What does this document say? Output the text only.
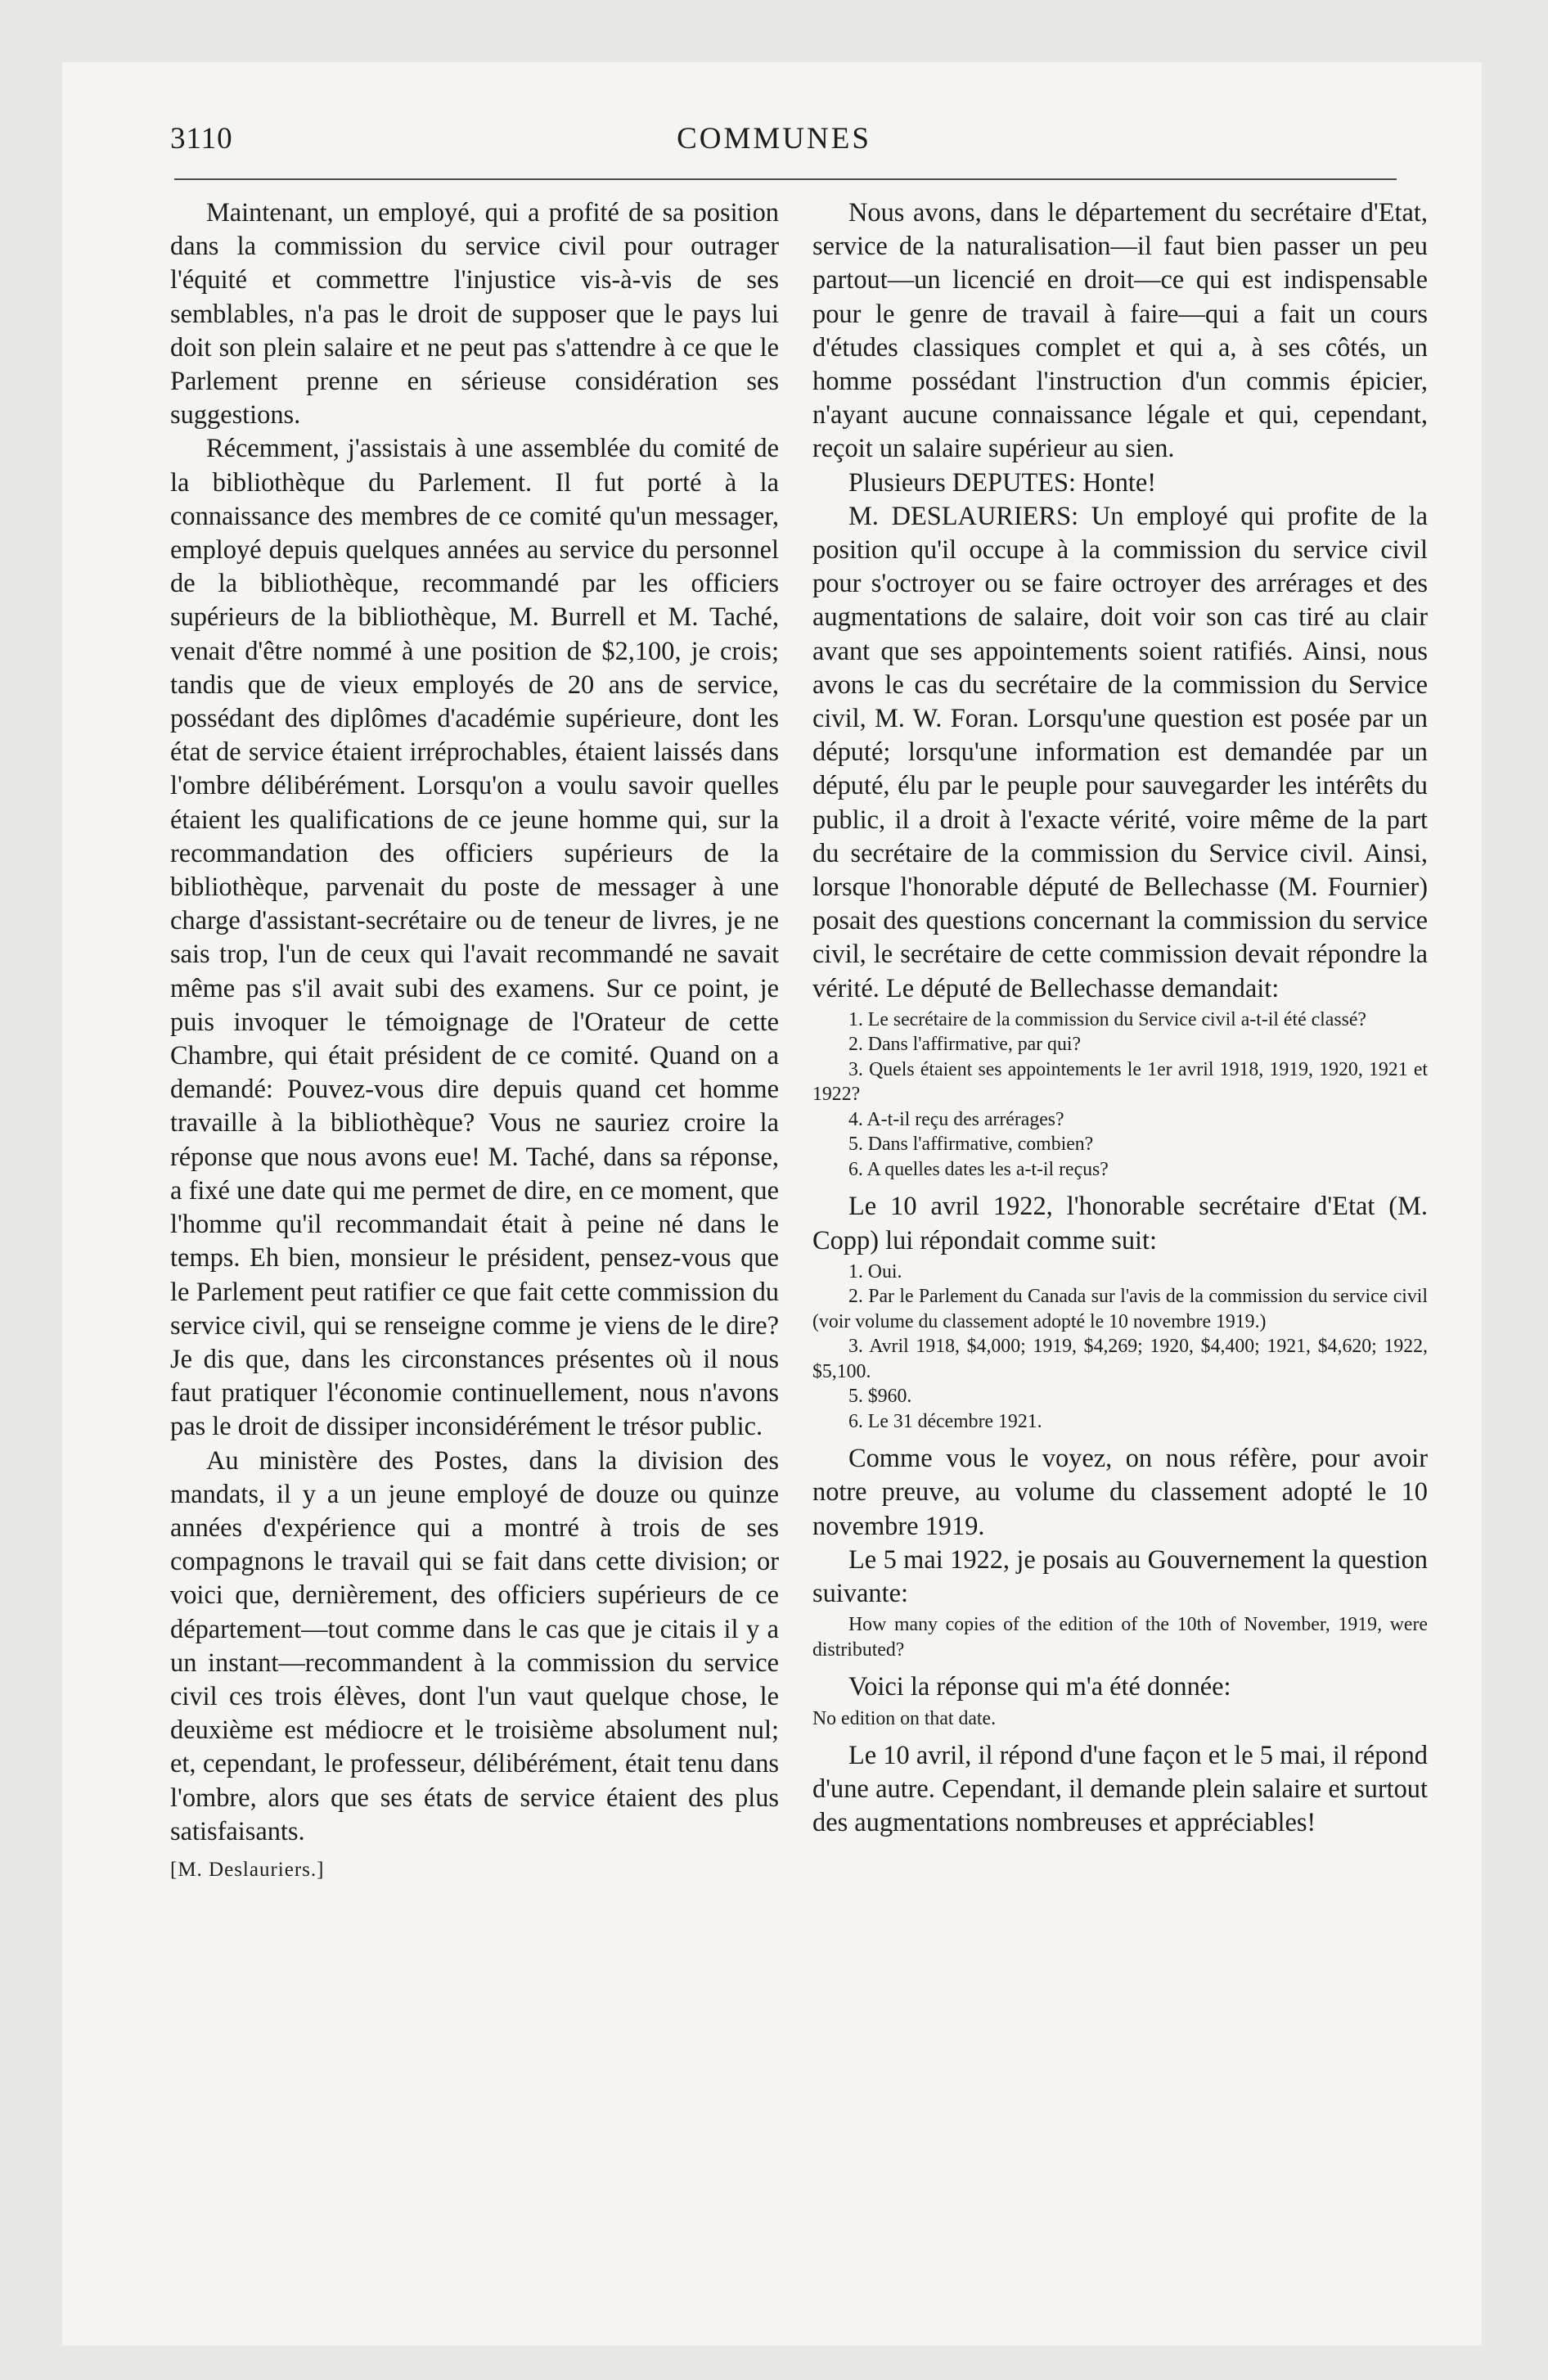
3110	COMMUNES

Maintenant, un employé, qui a profité de sa position dans la commission du service civil pour outrager l'équité et commettre l'injustice vis-à-vis de ses semblables, n'a pas le droit de supposer que le pays lui doit son plein salaire et ne peut pas s'attendre à ce que le Parlement prenne en sérieuse considération ses suggestions.

Récemment, j'assistais à une assemblée du comité de la bibliothèque du Parlement. Il fut porté à la connaissance des membres de ce comité qu'un messager, employé depuis quelques années au service du personnel de la bibliothèque, recommandé par les officiers supérieurs de la bibliothèque, M. Burrell et M. Taché, venait d'être nommé à une position de $2,100, je crois; tandis que de vieux employés de 20 ans de service, possédant des diplômes d'académie supérieure, dont les état de service étaient irréprochables, étaient laissés dans l'ombre délibérément. Lorsqu'on a voulu savoir quelles étaient les qualifications de ce jeune homme qui, sur la recommandation des officiers supérieurs de la bibliothèque, parvenait du poste de messager à une charge d'assistant-secrétaire ou de teneur de livres, je ne sais trop, l'un de ceux qui l'avait recommandé ne savait même pas s'il avait subi des examens. Sur ce point, je puis invoquer le témoignage de l'Orateur de cette Chambre, qui était président de ce comité. Quand on a demandé: Pouvez-vous dire depuis quand cet homme travaille à la bibliothèque? Vous ne sauriez croire la réponse que nous avons eue! M. Taché, dans sa réponse, a fixé une date qui me permet de dire, en ce moment, que l'homme qu'il recommandait était à peine né dans le temps. Eh bien, monsieur le président, pensez-vous que le Parlement peut ratifier ce que fait cette commission du service civil, qui se renseigne comme je viens de le dire? Je dis que, dans les circonstances présentes où il nous faut pratiquer l'économie continuellement, nous n'avons pas le droit de dissiper inconsidérément le trésor public.

Au ministère des Postes, dans la division des mandats, il y a un jeune employé de douze ou quinze années d'expérience qui a montré à trois de ses compagnons le travail qui se fait dans cette division; or voici que, dernièrement, des officiers supérieurs de ce département—tout comme dans le cas que je citais il y a un instant—recommandent à la commission du service civil ces trois élèves, dont l'un vaut quelque chose, le deuxième est médiocre et le troisième absolument nul; et, cependant, le professeur, délibérément, était tenu dans l'ombre, alors que ses états de service étaient des plus satisfaisants.

[M. Deslauriers.]

Nous avons, dans le département du secrétaire d'Etat, service de la naturalisation—il faut bien passer un peu partout—un licencié en droit—ce qui est indispensable pour le genre de travail à faire—qui a fait un cours d'études classiques complet et qui a, à ses côtés, un homme possédant l'instruction d'un commis épicier, n'ayant aucune connaissance légale et qui, cependant, reçoit un salaire supérieur au sien.

Plusieurs DEPUTES: Honte!

M. DESLAURIERS: Un employé qui profite de la position qu'il occupe à la commission du service civil pour s'octroyer ou se faire octroyer des arrérages et des augmentations de salaire, doit voir son cas tiré au clair avant que ses appointements soient ratifiés. Ainsi, nous avons le cas du secrétaire de la commission du Service civil, M. W. Foran. Lorsqu'une question est posée par un député; lorsqu'une information est demandée par un député, élu par le peuple pour sauvegarder les intérêts du public, il a droit à l'exacte vérité, voire même de la part du secrétaire de la commission du Service civil. Ainsi, lorsque l'honorable député de Bellechasse (M. Fournier) posait des questions concernant la commission du service civil, le secrétaire de cette commission devait répondre la vérité. Le député de Bellechasse demandait:

1. Le secrétaire de la commission du Service civil a-t-il été classé?
2. Dans l'affirmative, par qui?
3. Quels étaient ses appointements le 1er avril 1918, 1919, 1920, 1921 et 1922?
4. A-t-il reçu des arrérages?
5. Dans l'affirmative, combien?
6. A quelles dates les a-t-il reçus?

Le 10 avril 1922, l'honorable secrétaire d'Etat (M. Copp) lui répondait comme suit:

1. Oui.
2. Par le Parlement du Canada sur l'avis de la commission du service civil (voir volume du classement adopté le 10 novembre 1919.)
3. Avril 1918, $4,000; 1919, $4,269; 1920, $4,400; 1921, $4,620; 1922, $5,100.
5. $960.
6. Le 31 décembre 1921.

Comme vous le voyez, on nous réfère, pour avoir notre preuve, au volume du classement adopté le 10 novembre 1919.

Le 5 mai 1922, je posais au Gouvernement la question suivante:

How many copies of the edition of the 10th of November, 1919, were distributed?

Voici la réponse qui m'a été donnée:

No edition on that date.

Le 10 avril, il répond d'une façon et le 5 mai, il répond d'une autre. Cependant, il demande plein salaire et surtout des augmentations nombreuses et appréciables!
